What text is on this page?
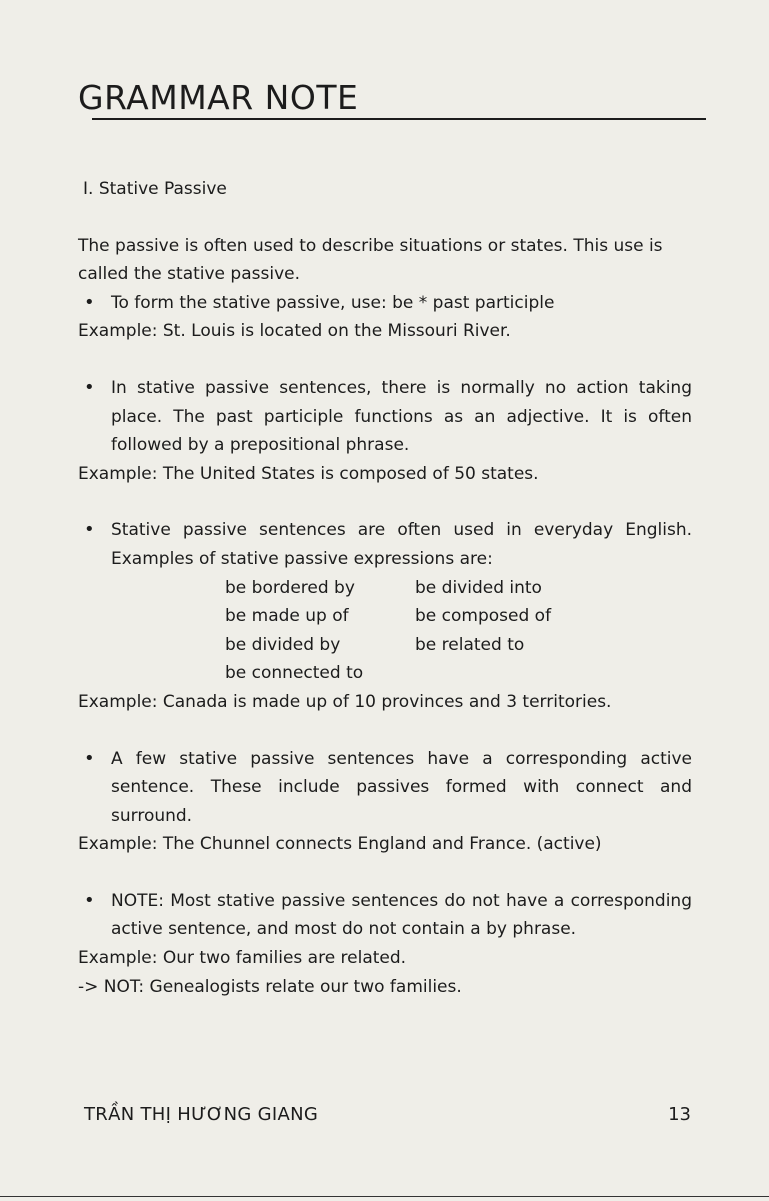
GRAMMAR NOTE

I. Stative Passive

The passive is often used to describe situations or states. This use is called the stative passive.

• To form the stative passive, use: be * past participle

Example: St. Louis is located on the Missouri River.

• In stative passive sentences, there is normally no action taking place. The past participle functions as an adjective. It is often followed by a prepositional phrase.

Example: The United States is composed of 50 states.

• Stative passive sentences are often used in everyday English. Examples of stative passive expressions are:
be bordered by	be divided into
be made up of	be composed of
be divided by	be related to
be connected to

Example: Canada is made up of 10 provinces and 3 territories.

• A few stative passive sentences have a corresponding active sentence. These include passives formed with connect and surround.

Example: The Chunnel connects England and France. (active)

• NOTE: Most stative passive sentences do not have a corresponding active sentence, and most do not contain a by phrase.

Example: Our two families are related.

-> NOT: Genealogists relate our two families.

TRẦN THỊ HƯƠNG GIANG	13
